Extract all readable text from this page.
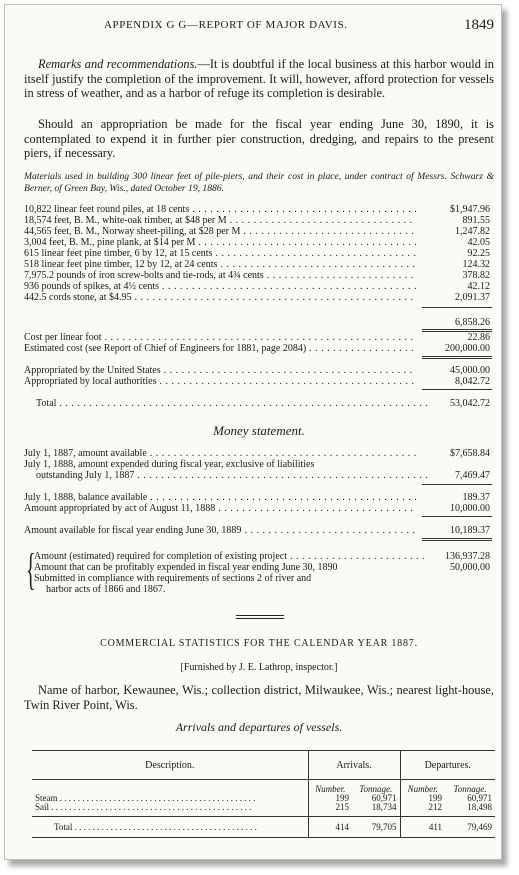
APPENDIX G G—REPORT OF MAJOR DAVIS.	1849

Remarks and recommendations.—It is doubtful if the local business at this harbor would in itself justify the completion of the improvement. It will, however, afford protection for vessels in stress of weather, and as a harbor of refuge its completion is desirable.

Should an appropriation be made for the fiscal year ending June 30, 1890, it is contemplated to expend it in further pier construction, dredging, and repairs to the present piers, if necessary.

Materials used in building 300 linear feet of pile-piers, and their cost in place, under contract of Messrs. Schwarz & Berner, of Green Bay, Wis., dated October 19, 1886.
10,822 linear feet round piles, at 18 cents . . .	$1,947.96
18,574 feet, B. M., white-oak timber, at $48 per M . . .	891.55
44,565 feet, B. M., Norway sheet-piling, at $28 per M . . .	1,247.82
3,004 feet, B. M., pine plank, at $14 per M . . .	42.05
615 linear feet pine timber, 6 by 12, at 15 cents . . .	92.25
518 linear feet pine timber, 12 by 12, at 24 cents . . .	124.32
7,975.2 pounds of iron screw-bolts and tie-rods, at 4¾ cents . . .	378.82
936 pounds of spikes, at 4½ cents . . .	42.12
442.5 cords stone, at $4.95 . . .	2,091.37
6,858.26
Cost per linear foot . . .	22.86
Estimated cost (see Report of Chief of Engineers for 1881, page 2084) . . .	200,000.00
Appropriated by the United States . . .	45,000.00
Appropriated by local authorities . . .	8,042.72
Total . . .	53,042.72
Money statement.
July 1, 1887, amount available . . .	$7,658.84
July 1, 1888, amount expended during fiscal year, exclusive of liabilities
outstanding July 1, 1887 . . .	7,469.47
July 1, 1888, balance available . . .	189.37
Amount appropriated by act of August 11, 1888 . . .	10,000.00
Amount available for fiscal year ending June 30, 1889 . . .	10,189.37
{
Amount (estimated) required for completion of existing project . . .	136,937.28
Amount that can be profitably expended in fiscal year ending June 30, 1890	50,000.00
Submitted in compliance with requirements of sections 2 of river and
harbor acts of 1866 and 1867.
COMMERCIAL STATISTICS FOR THE CALENDAR YEAR 1887.
[Furnished by J. E. Lathrop, inspector.]

Name of harbor, Kewaunee, Wis.; collection district, Milwaukee, Wis.; nearest light-house, Twin River Point, Wis.

Arrivals and departures of vessels.
Description.	Arrivals.		Departures.	
	Number.	Tonnage.	Number.	Tonnage.
Steam . . . . . . . . . . . . . . . . . . . . . . . . . . . . . . . . . . . . . . . . . . . .	199	60,971	199	60,971
Sail . . . . . . . . . . . . . . . . . . . . . . . . . . . . . . . . . . . . . . . . . . . . .	215	18,734	212	18,498
Total . . . . . . . . . . . . . . . . . . . . . . . . . . . . . . . . . . . . . . . . .	414	79,705	411	79,469
